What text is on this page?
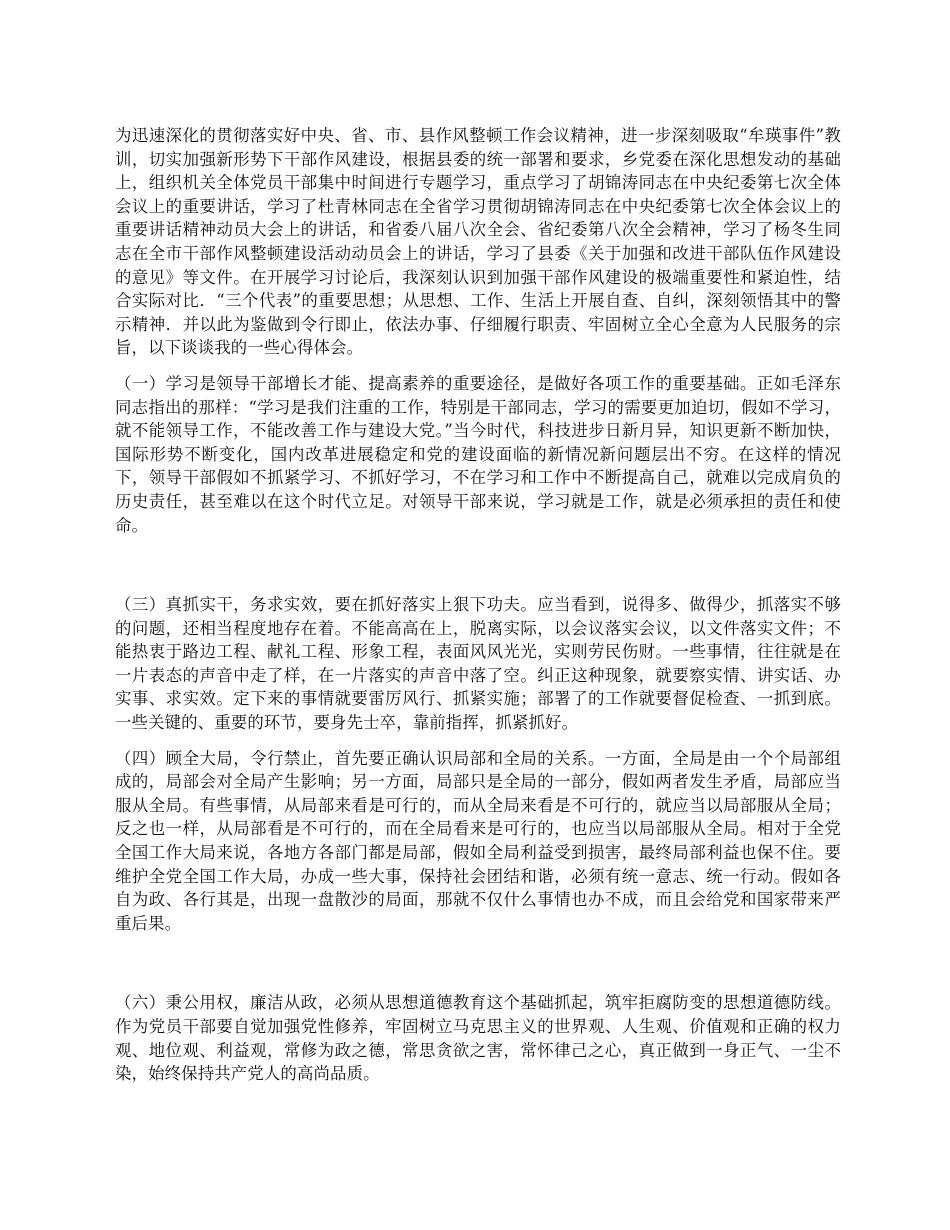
为迅速深化的贯彻落实好中央、省、市、县作风整顿工作会议精神，进一步深刻吸取“牟瑛事件”教训，切实加强新形势下干部作风建设，根据县委的统一部署和要求，乡党委在深化思想发动的基础上，组织机关全体党员干部集中时间进行专题学习，重点学习了胡锦涛同志在中央纪委第七次全体会议上的重要讲话，学习了杜青林同志在全省学习贯彻胡锦涛同志在中央纪委第七次全体会议上的重要讲话精神动员大会上的讲话，和省委八届八次全会、省纪委第八次全会精神，学习了杨冬生同志在全市干部作风整顿建设活动动员会上的讲话，学习了县委《关于加强和改进干部队伍作风建设的意见》等文件。在开展学习讨论后，我深刻认识到加强干部作风建设的极端重要性和紧迫性，结合实际对比．“三个代表”的重要思想；从思想、工作、生活上开展自查、自纠，深刻领悟其中的警示精神．并以此为鉴做到令行即止，依法办事、仔细履行职责、牢固树立全心全意为人民服务的宗旨，以下谈谈我的一些心得体会。

（一）学习是领导干部增长才能、提高素养的重要途径，是做好各项工作的重要基础。正如毛泽东同志指出的那样：“学习是我们注重的工作，特别是干部同志，学习的需要更加迫切，假如不学习，就不能领导工作，不能改善工作与建设大党。”当今时代，科技进步日新月异，知识更新不断加快，国际形势不断变化，国内改革进展稳定和党的建设面临的新情况新问题层出不穷。在这样的情况下，领导干部假如不抓紧学习、不抓好学习，不在学习和工作中不断提高自己，就难以完成肩负的历史责任，甚至难以在这个时代立足。对领导干部来说，学习就是工作，就是必须承担的责任和使命。

（三）真抓实干，务求实效，要在抓好落实上狠下功夫。应当看到，说得多、做得少，抓落实不够的问题，还相当程度地存在着。不能高高在上，脱离实际，以会议落实会议，以文件落实文件；不能热衷于路边工程、献礼工程、形象工程，表面风风光光，实则劳民伤财。一些事情，往往就是在一片表态的声音中走了样，在一片落实的声音中落了空。纠正这种现象，就要察实情、讲实话、办实事、求实效。定下来的事情就要雷厉风行、抓紧实施；部署了的工作就要督促检查、一抓到底。一些关键的、重要的环节，要身先士卒，靠前指挥，抓紧抓好。

（四）顾全大局，令行禁止，首先要正确认识局部和全局的关系。一方面，全局是由一个个局部组成的，局部会对全局产生影响；另一方面，局部只是全局的一部分，假如两者发生矛盾，局部应当服从全局。有些事情，从局部来看是可行的，而从全局来看是不可行的，就应当以局部服从全局；反之也一样，从局部看是不可行的，而在全局看来是可行的，也应当以局部服从全局。相对于全党全国工作大局来说，各地方各部门都是局部，假如全局利益受到损害，最终局部利益也保不住。要维护全党全国工作大局，办成一些大事，保持社会团结和谐，必须有统一意志、统一行动。假如各自为政、各行其是，出现一盘散沙的局面，那就不仅什么事情也办不成，而且会给党和国家带来严重后果。

（六）秉公用权，廉洁从政，必须从思想道德教育这个基础抓起，筑牢拒腐防变的思想道德防线。作为党员干部要自觉加强党性修养，牢固树立马克思主义的世界观、人生观、价值观和正确的权力观、地位观、利益观，常修为政之德，常思贪欲之害，常怀律己之心，真正做到一身正气、一尘不染，始终保持共产党人的高尚品质。
